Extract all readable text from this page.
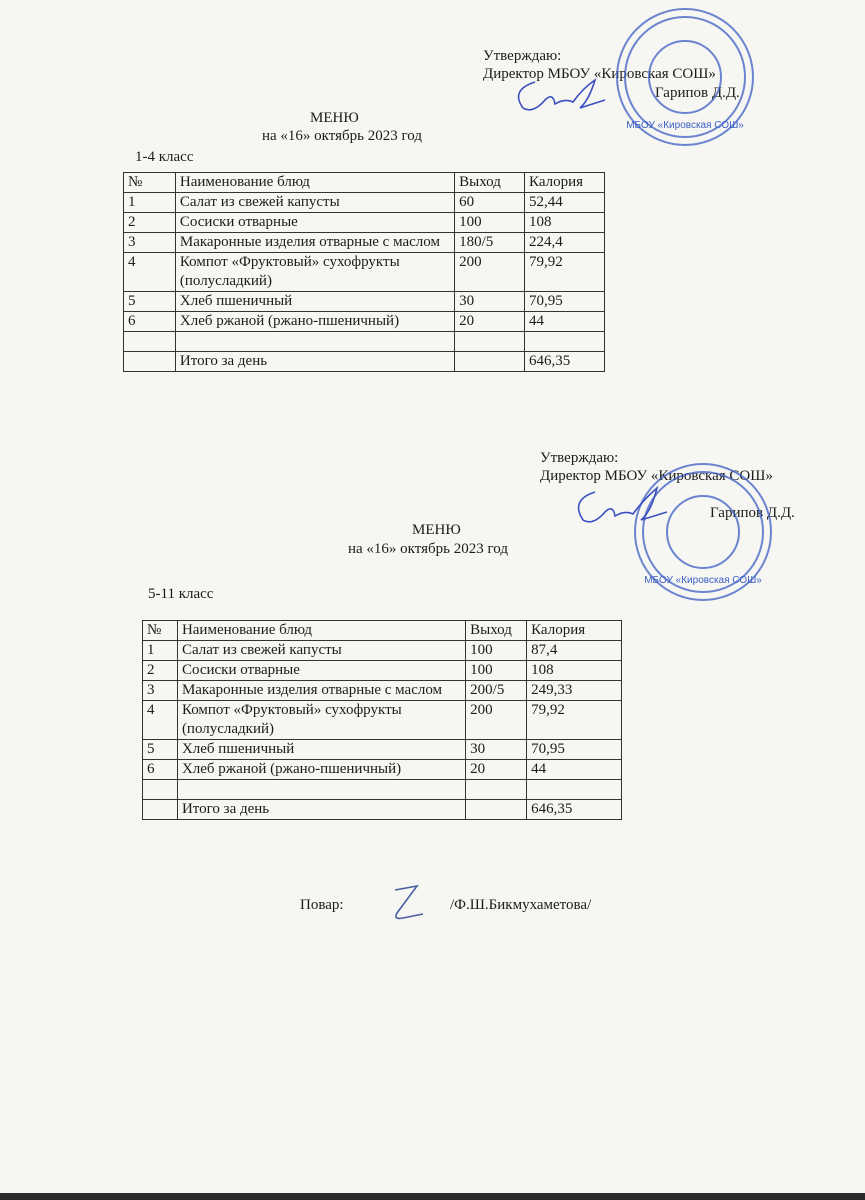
Утверждаю:
Директор МБОУ «Кировская СОШ»
Гарипов Д.Д.
МЕНЮ
на «16» октябрь 2023 год
1-4 класс
№	Наименование блюд	Выход	Калория
1	Салат из свежей капусты	60	52,44
2	Сосиски отварные	100	108
3	Макаронные изделия отварные с маслом	180/5	224,4
4	Компот «Фруктовый» сухофрукты (полусладкий)	200	79,92
5	Хлеб пшеничный	30	70,95
6	Хлеб ржаной (ржано-пшеничный)	20	44

	Итого за день		646,35
Утверждаю:
Директор МБОУ «Кировская СОШ»
Гарипов Д.Д.
МЕНЮ
на «16» октябрь 2023 год
5-11 класс
№	Наименование блюд	Выход	Калория
1	Салат из свежей капусты	100	87,4
2	Сосиски отварные	100	108
3	Макаронные изделия отварные с маслом	200/5	249,33
4	Компот «Фруктовый» сухофрукты (полусладкий)	200	79,92
5	Хлеб пшеничный	30	70,95
6	Хлеб ржаной (ржано-пшеничный)	20	44

	Итого за день		646,35
Повар:	/Ф.Ш.Бикмухаметова/
МБОУ «Кировская СОШ»
МБОУ «Кировская СОШ»
